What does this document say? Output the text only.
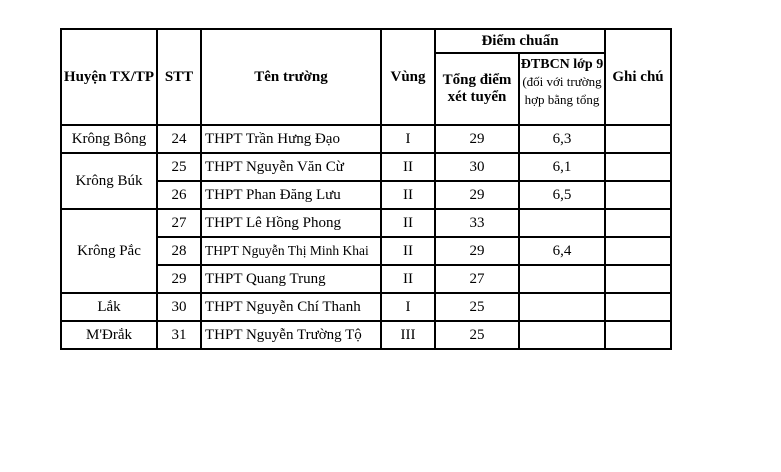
Huyện TX/TP	STT	Tên trường	Vùng	Điểm chuẩn		Ghi chú
				Tổng điểm xét tuyển	ĐTBCN lớp 9 (đối với trường hợp bằng tổng	

Krông Bông	24	THPT Trần Hưng Đạo	I	29	6,3	
Krông Búk	25	THPT Nguyễn Văn Cừ	II	30	6,1	
	26	THPT Phan Đăng Lưu	II	29	6,5	
Krông Pắc	27	THPT Lê Hồng Phong	II	33		
	28	THPT Nguyễn Thị Minh Khai	II	29	6,4	
	29	THPT Quang Trung	II	27		
Lắk	30	THPT Nguyễn Chí Thanh	I	25		
M'Đrắk	31	THPT Nguyễn Trường Tộ	III	25		
